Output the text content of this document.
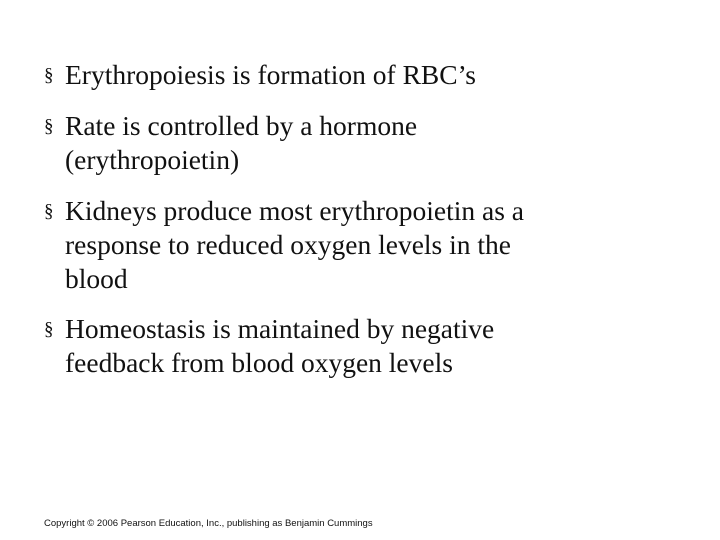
§ Erythropoiesis is formation of RBC’s
§ Rate is controlled by a hormone
(erythropoietin)
§ Kidneys produce most erythropoietin as a
response to reduced oxygen levels in the
blood
§ Homeostasis is maintained by negative
feedback from blood oxygen levels
Copyright © 2006 Pearson Education, Inc., publishing as Benjamin Cummings
